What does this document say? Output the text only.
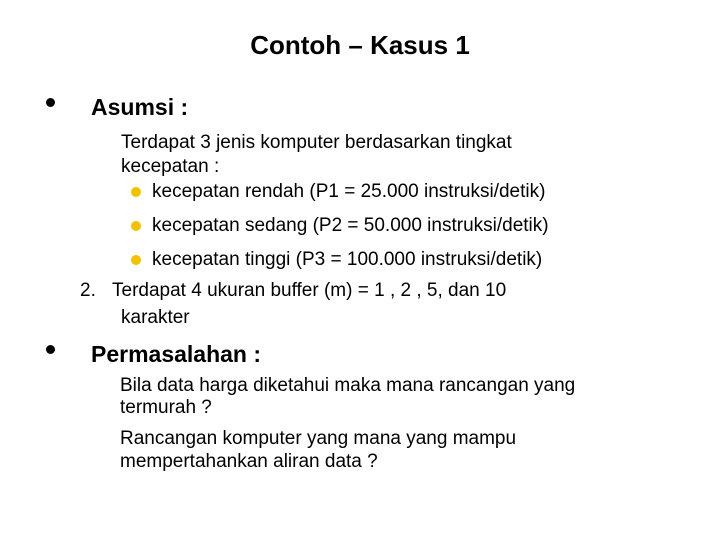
Contoh – Kasus 1
Asumsi :
Terdapat 3 jenis komputer berdasarkan tingkat
kecepatan :
kecepatan rendah (P1 = 25.000 instruksi/detik)
kecepatan sedang (P2 = 50.000 instruksi/detik)
kecepatan tinggi (P3 = 100.000 instruksi/detik)
2. Terdapat 4 ukuran buffer (m) = 1 , 2 , 5, dan 10
karakter
Permasalahan :
Bila data harga diketahui maka mana rancangan yang
termurah ?
Rancangan komputer yang mana yang mampu
mempertahankan aliran data ?
